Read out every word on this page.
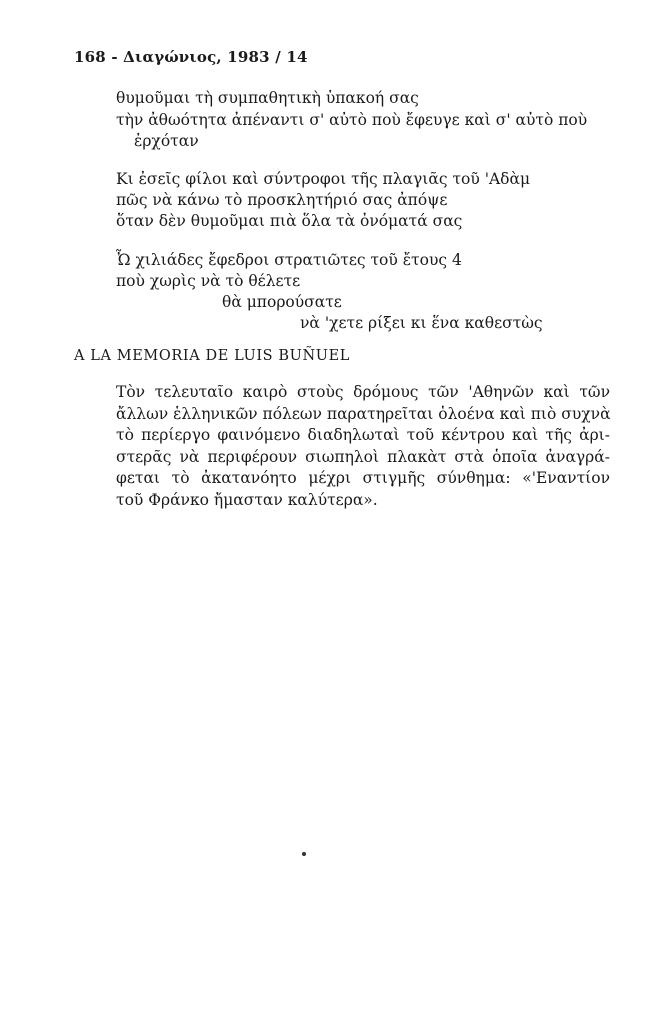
168 - Διαγώνιος, 1983 / 14
θυμοῦμαι τὴ συμπαθητικὴ ὑπακοή σας
τὴν ἀθωότητα ἀπέναντι σ' αὐτὸ ποὺ ἔφευγε καὶ σ' αὐτὸ ποὺ
ἐρχόταν
Κι ἐσεῖς φίλοι καὶ σύντροφοι τῆς πλαγιᾶς τοῦ 'Αδὰμ
πῶς νὰ κάνω τὸ προσκλητήριό σας ἀπόψε
ὅταν δὲν θυμοῦμαι πιὰ ὅλα τὰ ὀνόματά σας
Ὦ χιλιάδες ἔφεδροι στρατιῶτες τοῦ ἔτους 4
ποὺ χωρὶς νὰ τὸ θέλετε
θὰ μπορούσατε
νὰ 'χετε ρίξει κι ἕνα καθεστὼς
A LA MEMORIA DE LUIS BUÑUEL
Τὸν τελευταῖο καιρὸ στοὺς δρόμους τῶν 'Αθηνῶν καὶ τῶν
ἄλλων ἑλληνικῶν πόλεων παρατηρεῖται ὁλοένα καὶ πιὸ συχνὰ
τὸ περίεργο φαινόμενο διαδηλωταὶ τοῦ κέντρου καὶ τῆς ἀρι-
στερᾶς νὰ περιφέρουν σιωπηλοὶ πλακὰτ στὰ ὁποῖα ἀναγρά-
φεται τὸ ἀκατανόητο μέχρι στιγμῆς σύνθημα: «'Εναντίον
τοῦ Φράνκο ἤμασταν καλύτερα».
